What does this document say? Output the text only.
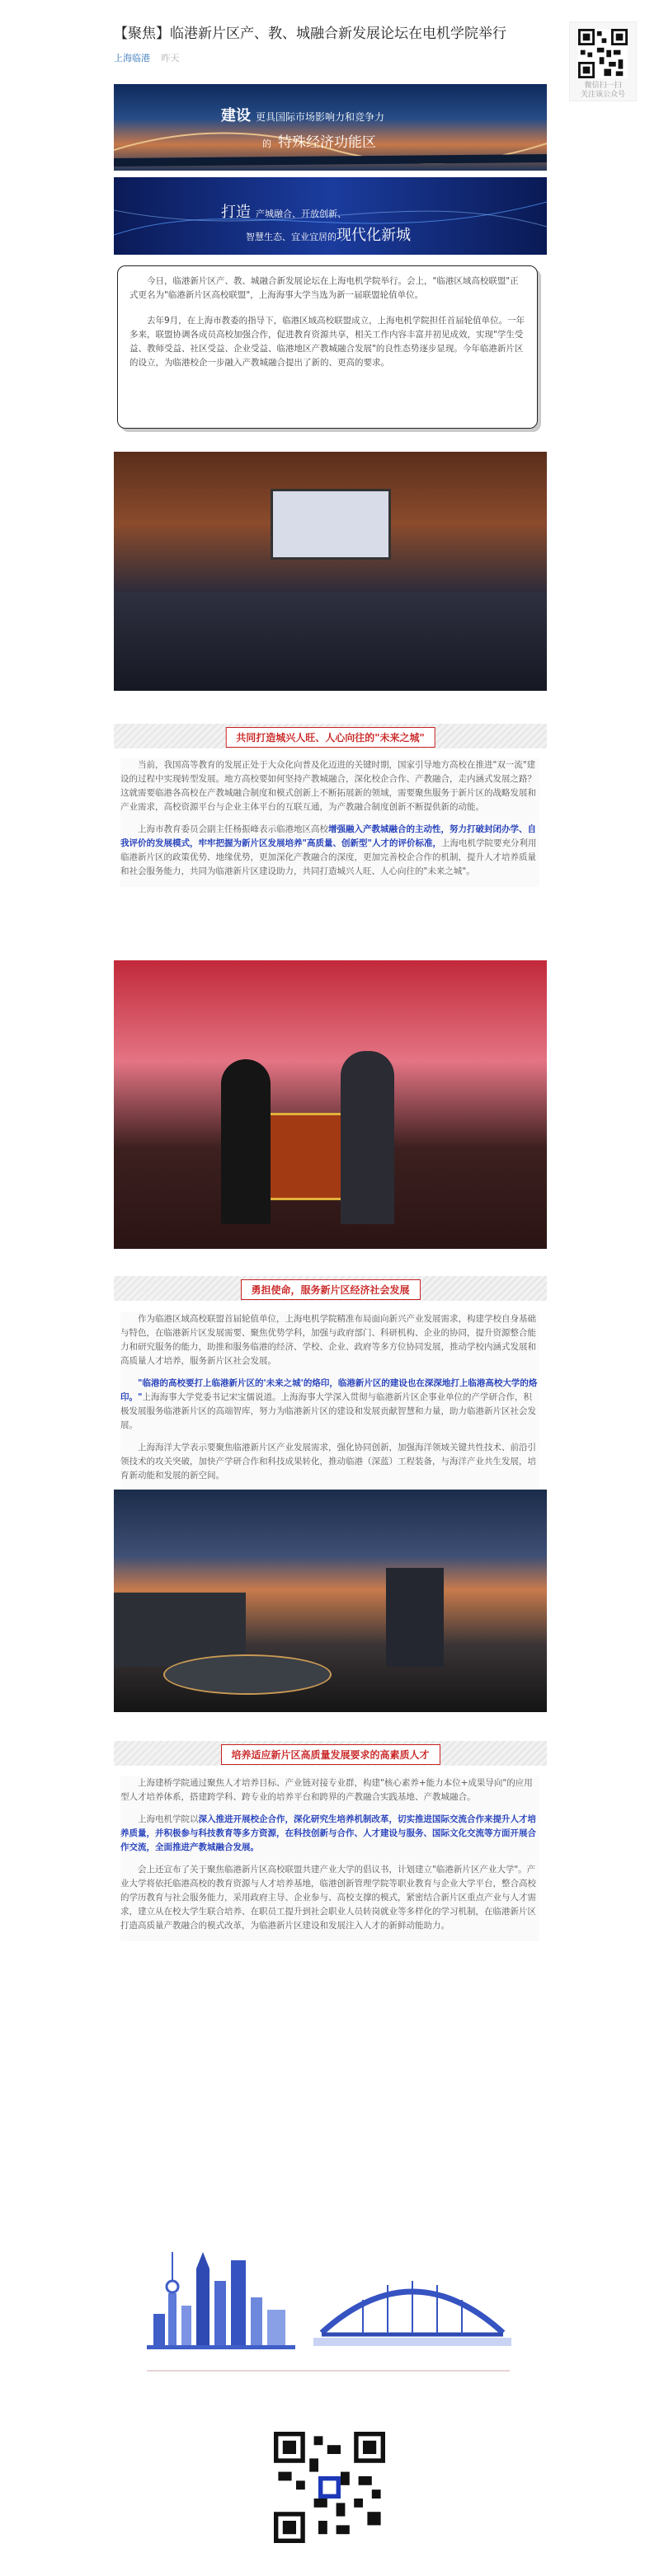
【聚焦】临港新片区产、教、城融合新发展论坛在电机学院举行
上海临港 昨天
微信扫一扫
关注该公众号
建设 更具国际市场影响力和竞争力
的 特殊经济功能区
打造 产城融合、开放创新、
智慧生态、宜业宜居的现代化新城

今日，临港新片区产、教、城融合新发展论坛在上海电机学院举行。会上，"临港区域高校联盟"正式更名为"临港新片区高校联盟"，上海海事大学当选为新一届联盟轮值单位。

去年9月，在上海市教委的指导下，临港区域高校联盟成立，上海电机学院担任首届轮值单位。一年多来，联盟协调各成员高校加强合作，促进教育资源共享，相关工作内容丰富并初见成效，实现"学生受益、教师受益、社区受益、企业受益、临港地区产教城融合发展"的良性态势逐步显现。今年临港新片区的设立，为临港校企一步融入产教城融合提出了新的、更高的要求。

共同打造城兴人旺、人心向往的"未来之城"

当前，我国高等教育的发展正处于大众化向普及化迈进的关键时期，国家引导地方高校在推进"双一流"建设的过程中实现转型发展。地方高校要如何坚持产教城融合，深化校企合作、产教融合，走内涵式发展之路？这就需要临港各高校在产教城融合制度和模式创新上不断拓展新的领域，需要聚焦服务于新片区的战略发展和产业需求，高校资源平台与企业主体平台的互联互通，为产教融合制度创新不断提供新的动能。

上海市教育委员会副主任杨振峰表示临港地区高校增强融入产教城融合的主动性，努力打破封闭办学、自我评价的发展模式，牢牢把握为新片区发展培养"高质量、创新型"人才的评价标准，上海电机学院要充分利用临港新片区的政策优势、地缘优势，更加深化产教融合的深度，更加完善校企合作的机制，提升人才培养质量和社会服务能力，共同为临港新片区建设助力，共同打造城兴人旺、人心向往的"未来之城"。

勇担使命，服务新片区经济社会发展

作为临港区域高校联盟首届轮值单位，上海电机学院精准布局面向新兴产业发展需求，构建学校自身基础与特色，在临港新片区发展需要、聚焦优势学科，加强与政府部门、科研机构、企业的协同，提升资源整合能力和研究服务的能力，助推和服务临港的经济、学校、企业、政府等多方位协同发展，推动学校内涵式发展和高质量人才培养，服务新片区社会发展。

"临港的高校要打上临港新片区的'未来之城'的烙印，临港新片区的建设也在深深地打上临港高校大学的烙印。"上海海事大学党委书记宋宝儒说道。上海海事大学深入贯彻与临港新片区企事业单位的产学研合作，积极发展服务临港新片区的高端智库，努力为临港新片区的建设和发展贡献智慧和力量，助力临港新片区社会发展。

上海海洋大学表示要聚焦临港新片区产业发展需求，强化协同创新，加强海洋领域关键共性技术、前沿引领技术的攻关突破，加快产学研合作和科技成果转化，推动临港（深蓝）工程装备，与海洋产业共生发展，培育新动能和发展的新空间。

培养适应新片区高质量发展要求的高素质人才

上海建桥学院通过聚焦人才培养目标、产业链对接专业群，构建"核心素养+能力本位+成果导向"的应用型人才培养体系，搭建跨学科、跨专业的培养平台和跨界的产教融合实践基地、产教城融合。

上海电机学院以深入推进开展校企合作，深化研究生培养机制改革，切实推进国际交流合作来提升人才培养质量，并积极参与科技教育等多方资源，在科技创新与合作、人才建设与服务、国际文化交流等方面开展合作交流，全面推进产教城融合发展。

会上还宣布了关于聚焦临港新片区高校联盟共建产业大学的倡议书，计划建立"临港新片区产业大学"。产业大学将依托临港高校的教育资源与人才培养基地，临港创新管理学院等职业教育与企业大学平台，整合高校的学历教育与社会服务能力，采用政府主导、企业参与、高校支撑的模式，紧密结合新片区重点产业与人才需求，建立从在校大学生联合培养、在职员工提升到社会职业人员转岗就业等多样化的学习机制，在临港新片区打造高质量产教融合的模式改革，为临港新片区建设和发展注入人才的新鲜动能助力。
